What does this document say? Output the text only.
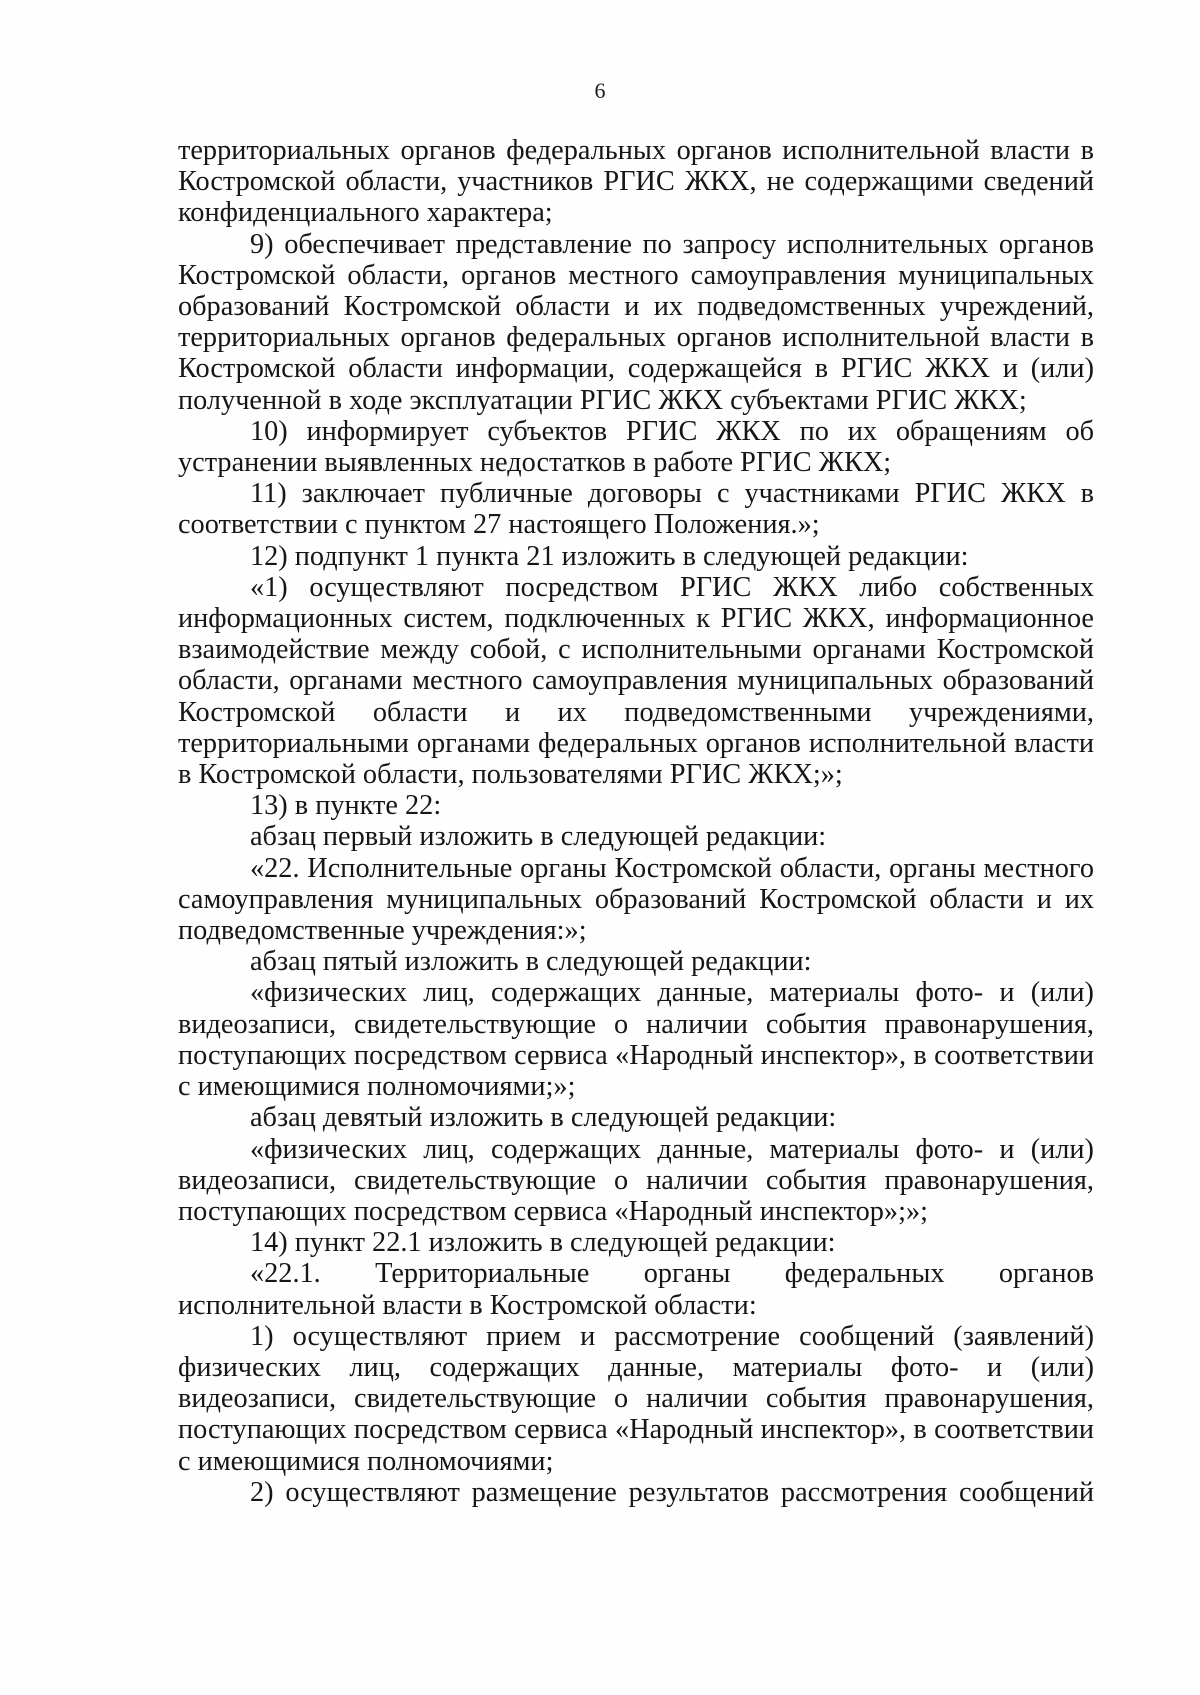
6

территориальных органов федеральных органов исполнительной власти в Костромской области, участников РГИС ЖКХ, не содержащими сведений конфиденциального характера;

9) обеспечивает представление по запросу исполнительных органов Костромской области, органов местного самоуправления муниципальных образований Костромской области и их подведомственных учреждений, территориальных органов федеральных органов исполнительной власти в Костромской области информации, содержащейся в РГИС ЖКХ и (или) полученной в ходе эксплуатации РГИС ЖКХ субъектами РГИС ЖКХ;

10) информирует субъектов РГИС ЖКХ по их обращениям об устранении выявленных недостатков в работе РГИС ЖКХ;

11) заключает публичные договоры с участниками РГИС ЖКХ в соответствии с пунктом 27 настоящего Положения.»;

12) подпункт 1 пункта 21 изложить в следующей редакции:

«1) осуществляют посредством РГИС ЖКХ либо собственных информационных систем, подключенных к РГИС ЖКХ, информационное взаимодействие между собой, с исполнительными органами Костромской области, органами местного самоуправления муниципальных образований Костромской области и их подведомственными учреждениями, территориальными органами федеральных органов исполнительной власти в Костромской области, пользователями РГИС ЖКХ;»;

13) в пункте 22:

абзац первый изложить в следующей редакции:

«22. Исполнительные органы Костромской области, органы местного самоуправления муниципальных образований Костромской области и их подведомственные учреждения:»;

абзац пятый изложить в следующей редакции:

«физических лиц, содержащих данные, материалы фото- и (или) видеозаписи, свидетельствующие о наличии события правонарушения, поступающих посредством сервиса «Народный инспектор», в соответствии с имеющимися полномочиями;»;

абзац девятый изложить в следующей редакции:

«физических лиц, содержащих данные, материалы фото- и (или) видеозаписи, свидетельствующие о наличии события правонарушения, поступающих посредством сервиса «Народный инспектор»;»;

14) пункт 22.1 изложить в следующей редакции:

«22.1. Территориальные органы федеральных органов исполнительной власти в Костромской области:

1) осуществляют прием и рассмотрение сообщений (заявлений) физических лиц, содержащих данные, материалы фото- и (или) видеозаписи, свидетельствующие о наличии события правонарушения, поступающих посредством сервиса «Народный инспектор», в соответствии с имеющимися полномочиями;

2) осуществляют размещение результатов рассмотрения сообщений
